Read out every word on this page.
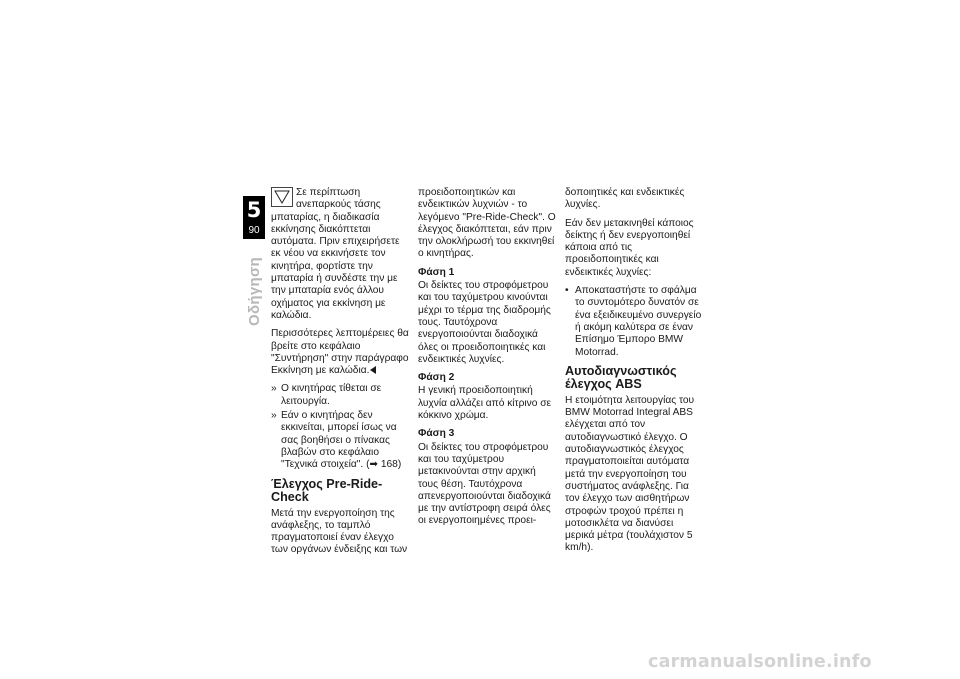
5
90
Οδήγηση

Σε περίπτωση ανεπαρκούς τάσης μπαταρίας, η διαδικασία εκκίνησης διακόπτεται αυτόματα. Πριν επιχειρήσετε εκ νέου να εκκινήσετε τον κινητήρα, φορτίστε την μπαταρία ή συνδέστε την με την μπαταρία ενός άλλου οχήματος για εκκίνηση με καλώδια.

Περισσότερες λεπτομέρειες θα βρείτε στο κεφάλαιο "Συντήρηση" στην παράγραφο Εκκίνηση με καλώδια.

» Ο κινητήρας τίθεται σε λειτουργία.
» Εάν ο κινητήρας δεν εκκινείται, μπορεί ίσως να σας βοηθήσει ο πίνακας βλαβών στο κεφάλαιο "Τεχνικά στοιχεία". (➡ 168)
Έλεγχος Pre-Ride-Check

Μετά την ενεργοποίηση της ανάφλεξης, το ταμπλό πραγματοποιεί έναν έλεγχο των οργάνων ένδειξης και των

προειδοποιητικών και ενδεικτικών λυχνιών - το λεγόμενο "Pre-Ride-Check". Ο έλεγχος διακόπτεται, εάν πριν την ολοκλήρωσή του εκκινηθεί ο κινητήρας.

Φάση 1

Οι δείκτες του στροφόμετρου και του ταχύμετρου κινούνται μέχρι το τέρμα της διαδρομής τους. Ταυτόχρονα ενεργοποιούνται διαδοχικά όλες οι προειδοποιητικές και ενδεικτικές λυχνίες.

Φάση 2

Η γενική προειδοποιητική λυχνία αλλάζει από κίτρινο σε κόκκινο χρώμα.

Φάση 3

Οι δείκτες του στροφόμετρου και του ταχύμετρου μετακινούνται στην αρχική τους θέση. Ταυτόχρονα απενεργοποιούνται διαδοχικά με την αντίστροφη σειρά όλες οι ενεργοποιημένες προει-

δοποιητικές και ενδεικτικές λυχνίες.

Εάν δεν μετακινηθεί κάποιος δείκτης ή δεν ενεργοποιηθεί κάποια από τις προειδοποιητικές και ενδεικτικές λυχνίες:

• Αποκαταστήστε το σφάλμα το συντομότερο δυνατόν σε ένα εξειδικευμένο συνεργείο ή ακόμη καλύτερα σε έναν Επίσημο Έμπορο BMW Motorrad.
Αυτοδιαγνωστικός έλεγχος ABS

Η ετοιμότητα λειτουργίας του BMW Motorrad Integral ABS ελέγχεται από τον αυτοδιαγνωστικό έλεγχο. Ο αυτοδιαγνωστικός έλεγχος πραγματοποιείται αυτόματα μετά την ενεργοποίηση του συστήματος ανάφλεξης. Για τον έλεγχο των αισθητήρων στροφών τροχού πρέπει η μοτοσικλέτα να διανύσει μερικά μέτρα (τουλάχιστον 5 km/h).

carmanualsonline.info
